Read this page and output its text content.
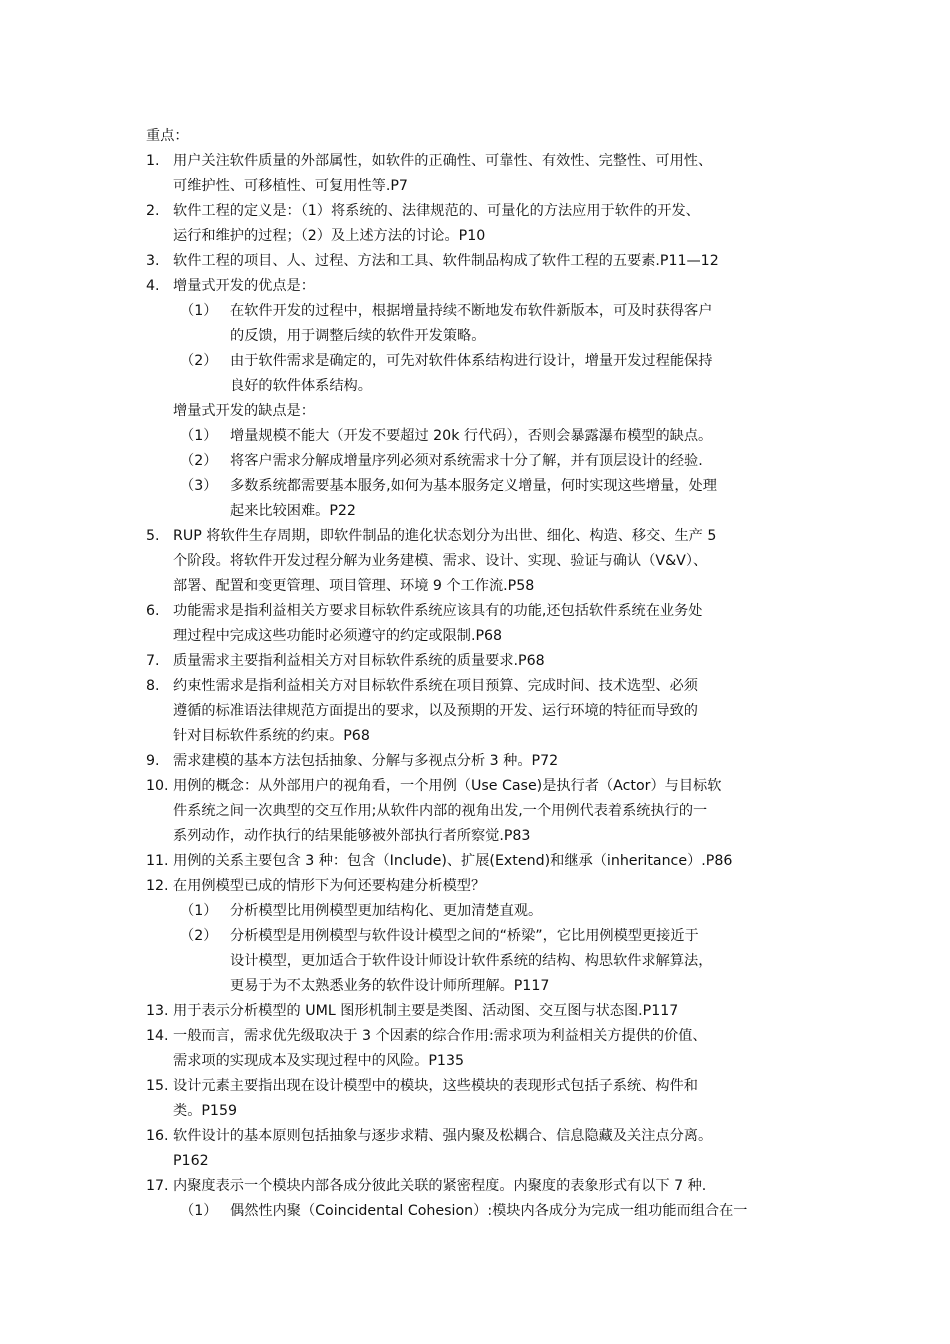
重点：
1. 用户关注软件质量的外部属性，如软件的正确性、可靠性、有效性、完整性、可用性、
可维护性、可移植性、可复用性等.P7
2. 软件工程的定义是：（1）将系统的、法律规范的、可量化的方法应用于软件的开发、
运行和维护的过程；（2）及上述方法的讨论。P10
3. 软件工程的项目、人、过程、方法和工具、软件制品构成了软件工程的五要素.P11—12
4. 增量式开发的优点是：
（1） 在软件开发的过程中，根据增量持续不断地发布软件新版本，可及时获得客户
的反馈，用于调整后续的软件开发策略。
（2） 由于软件需求是确定的，可先对软件体系结构进行设计，增量开发过程能保持
良好的软件体系结构。
增量式开发的缺点是：
（1） 增量规模不能大（开发不要超过 20k 行代码），否则会暴露瀑布模型的缺点。
（2） 将客户需求分解成增量序列必须对系统需求十分了解，并有顶层设计的经验.
（3） 多数系统都需要基本服务,如何为基本服务定义增量，何时实现这些增量，处理
起来比较困难。P22
5. RUP 将软件生存周期，即软件制品的進化状态划分为出世、细化、构造、移交、生产 5
个阶段。将软件开发过程分解为业务建模、需求、设计、实现、验证与确认（V&V）、
部署、配置和变更管理、项目管理、环境 9 个工作流.P58
6. 功能需求是指利益相关方要求目标软件系统应该具有的功能,还包括软件系统在业务处
理过程中完成这些功能时必须遵守的约定或限制.P68
7. 质量需求主要指利益相关方对目标软件系统的质量要求.P68
8. 约束性需求是指利益相关方对目标软件系统在项目预算、完成时间、技术选型、必须
遵循的标准语法律规范方面提出的要求，以及预期的开发、运行环境的特征而导致的
针对目标软件系统的约束。P68
9. 需求建模的基本方法包括抽象、分解与多视点分析 3 种。P72
10. 用例的概念：从外部用户的视角看，一个用例（Use Case)是执行者（Actor）与目标软
件系统之间一次典型的交互作用;从软件内部的视角出发,一个用例代表着系统执行的一
系列动作，动作执行的结果能够被外部执行者所察觉.P83
11. 用例的关系主要包含 3 种：包含（Include)、扩展(Extend)和继承（inheritance）.P86
12. 在用例模型已成的情形下为何还要构建分析模型？
（1） 分析模型比用例模型更加结构化、更加清楚直观。
（2） 分析模型是用例模型与软件设计模型之间的“桥梁”，它比用例模型更接近于
设计模型，更加适合于软件设计师设计软件系统的结构、构思软件求解算法，
更易于为不太熟悉业务的软件设计师所理解。P117
13. 用于表示分析模型的 UML 图形机制主要是类图、活动图、交互图与状态图.P117
14. 一般而言，需求优先级取决于 3 个因素的综合作用:需求项为利益相关方提供的价值、
需求项的实现成本及实现过程中的风险。P135
15. 设计元素主要指出现在设计模型中的模块，这些模块的表现形式包括子系统、构件和
类。P159
16. 软件设计的基本原则包括抽象与逐步求精、强内聚及松耦合、信息隐藏及关注点分离。
P162
17. 内聚度表示一个模块内部各成分彼此关联的紧密程度。内聚度的表象形式有以下 7 种.
（1） 偶然性内聚（Coincidental Cohesion）:模块内各成分为完成一组功能而组合在一
